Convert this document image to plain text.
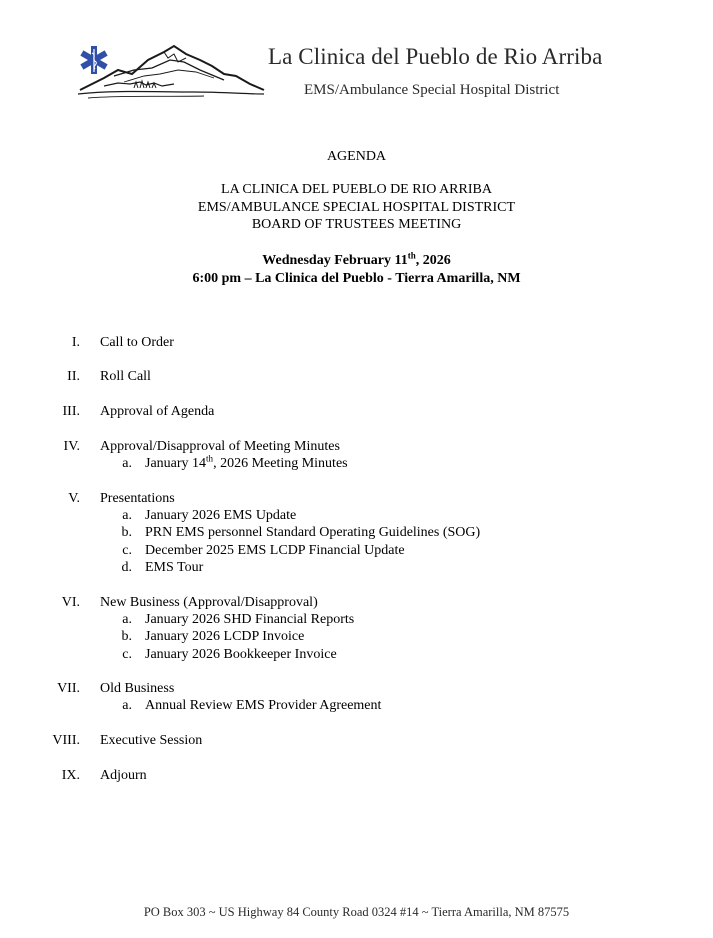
La Clinica del Pueblo de Rio Arriba
EMS/Ambulance Special Hospital District
AGENDA
LA CLINICA DEL PUEBLO DE RIO ARRIBA
EMS/AMBULANCE SPECIAL HOSPITAL DISTRICT
BOARD OF TRUSTEES MEETING
Wednesday February 11th, 2026
6:00 pm – La Clinica del Pueblo - Tierra Amarilla, NM
I. Call to Order
II. Roll Call
III. Approval of Agenda
IV. Approval/Disapproval of Meeting Minutes
a. January 14th, 2026 Meeting Minutes
V. Presentations
a. January 2026 EMS Update
b. PRN EMS personnel Standard Operating Guidelines (SOG)
c. December 2025 EMS LCDP Financial Update
d. EMS Tour
VI. New Business (Approval/Disapproval)
a. January 2026 SHD Financial Reports
b. January 2026 LCDP Invoice
c. January 2026 Bookkeeper Invoice
VII. Old Business
a. Annual Review EMS Provider Agreement
VIII. Executive Session
IX. Adjourn
PO Box 303 ~ US Highway 84 County Road 0324 #14 ~ Tierra Amarilla, NM 87575
